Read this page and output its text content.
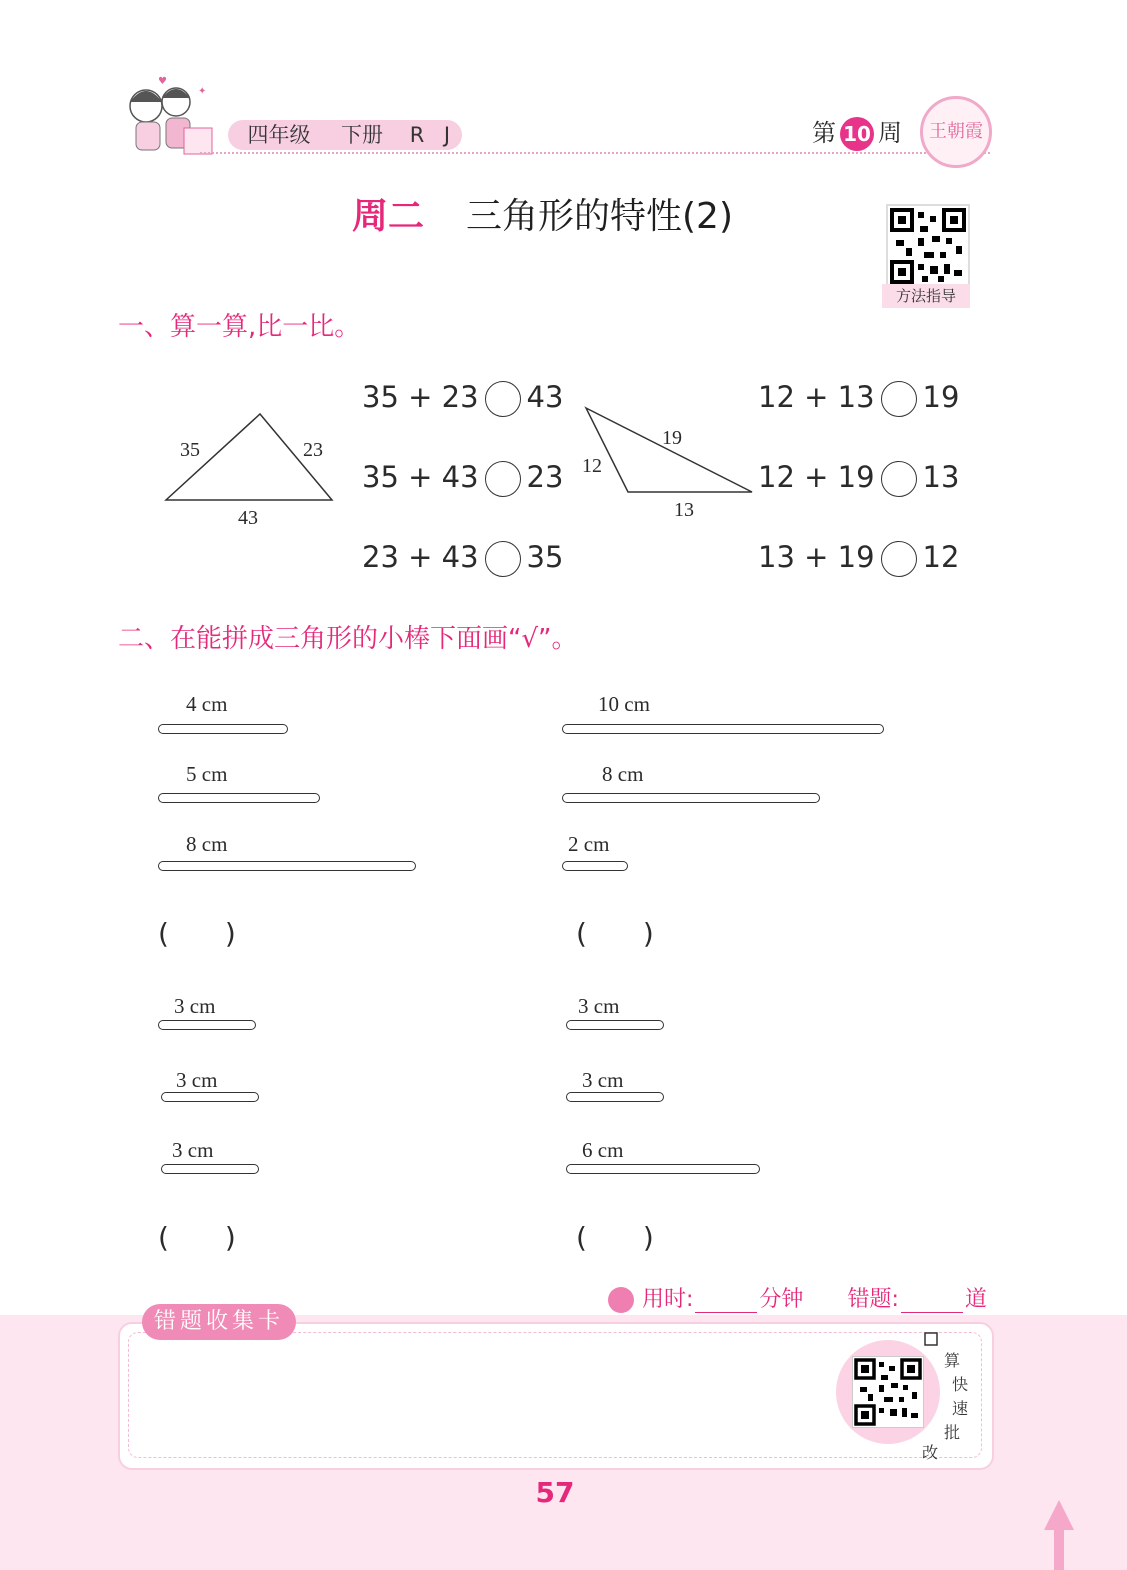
♥
✦
四年级	下册	R J	第 10 周	王朝霞
周二 三角形的特性(2)
方法指导
一、算一算,比一比。
35	23
43
35 + 23 43
35 + 43 23
23 + 43 35
19
12
13
12 + 13 19
12 + 19 13
13 + 19 12
二、在能拼成三角形的小棒下面画“√”。
4 cm
5 cm
8 cm
(　　)
10 cm
8 cm
2 cm
(　　)
3 cm
3 cm
3 cm
(　　)
3 cm
3 cm
6 cm
(　　)
用时:	分钟 错题:	道
错题收集卡
算
快
速
批
改
57
